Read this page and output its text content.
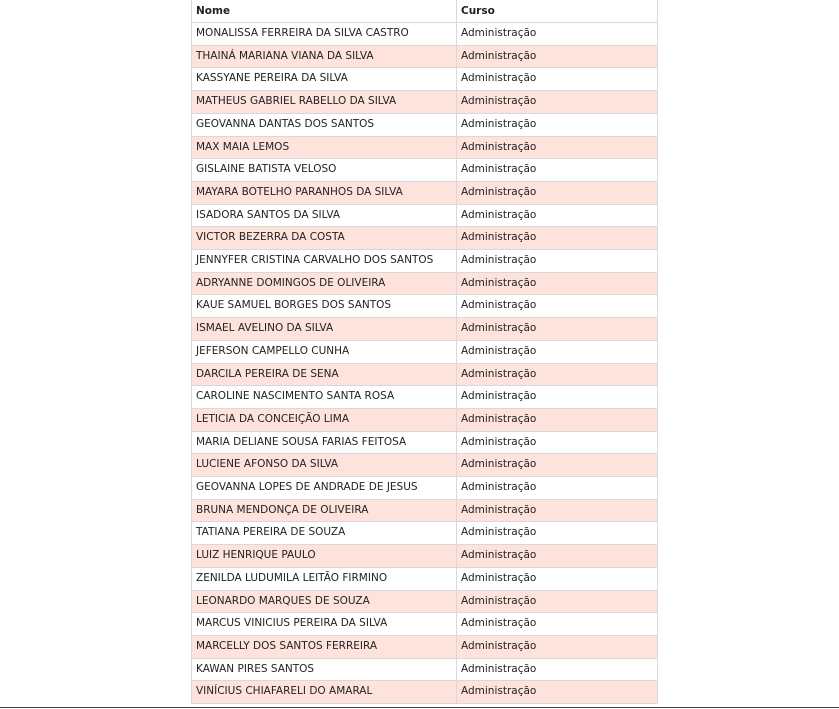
Nome	Curso
MONALISSA FERREIRA DA SILVA CASTRO	Administração
THAINÁ MARIANA VIANA DA SILVA	Administração
KASSYANE PEREIRA DA SILVA	Administração
MATHEUS GABRIEL RABELLO DA SILVA	Administração
GEOVANNA DANTAS DOS SANTOS	Administração
MAX MAIA LEMOS	Administração
GISLAINE BATISTA VELOSO	Administração
MAYARA BOTELHO PARANHOS DA SILVA	Administração
ISADORA SANTOS DA SILVA	Administração
VICTOR BEZERRA DA COSTA	Administração
JENNYFER CRISTINA CARVALHO DOS SANTOS	Administração
ADRYANNE DOMINGOS DE OLIVEIRA	Administração
KAUE SAMUEL BORGES DOS SANTOS	Administração
ISMAEL AVELINO DA SILVA	Administração
JEFERSON CAMPELLO CUNHA	Administração
DARCILA PEREIRA DE SENA	Administração
CAROLINE NASCIMENTO SANTA ROSA	Administração
LETICIA DA CONCEIÇÃO LIMA	Administração
MARIA DELIANE SOUSA FARIAS FEITOSA	Administração
LUCIENE AFONSO DA SILVA	Administração
GEOVANNA LOPES DE ANDRADE DE JESUS	Administração
BRUNA MENDONÇA DE OLIVEIRA	Administração
TATIANA PEREIRA DE SOUZA	Administração
LUIZ HENRIQUE PAULO	Administração
ZENILDA LUDUMILA LEITÃO FIRMINO	Administração
LEONARDO MARQUES DE SOUZA	Administração
MARCUS VINICIUS PEREIRA DA SILVA	Administração
MARCELLY DOS SANTOS FERREIRA	Administração
KAWAN PIRES SANTOS	Administração
VINÍCIUS CHIAFARELI DO AMARAL	Administração
